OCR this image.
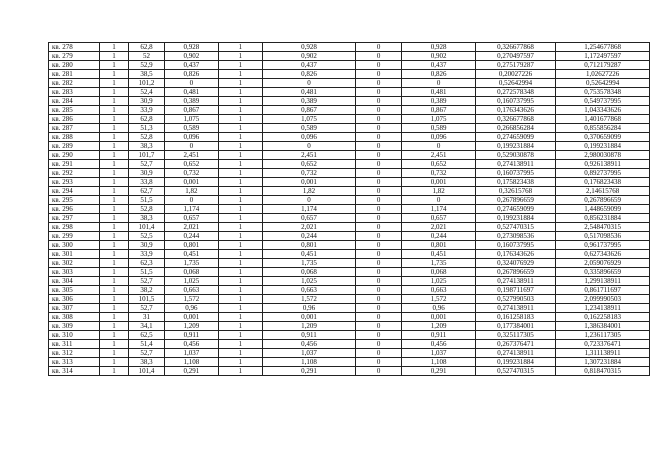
кв. 278	1	62,8	0,928	1	0,928	0	0,928	0,326677868	1,254677868
кв. 279	1	52	0,902	1	0,902	0	0,902	0,270497597	1,172497597
кв. 280	1	52,9	0,437	1	0,437	0	0,437	0,275179287	0,712179287
кв. 281	1	38,5	0,826	1	0,826	0	0,826	0,20027226	1,02627226
кв. 282	1	101,2	0	1	0	0	0	0,52642994	0,52642994
кв. 283	1	52,4	0,481	1	0,481	0	0,481	0,272578348	0,753578348
кв. 284	1	30,9	0,389	1	0,389	0	0,389	0,160737995	0,549737995
кв. 285	1	33,9	0,867	1	0,867	0	0,867	0,176343626	1,043343626
кв. 286	1	62,8	1,075	1	1,075	0	1,075	0,326677868	1,401677868
кв. 287	1	51,3	0,589	1	0,589	0	0,589	0,266856284	0,855856284
кв. 288	1	52,8	0,096	1	0,096	0	0,096	0,274659099	0,370659099
кв. 289	1	38,3	0	1	0	0	0	0,199231884	0,199231884
кв. 290	1	101,7	2,451	1	2,451	0	2,451	0,529030878	2,980030878
кв. 291	1	52,7	0,652	1	0,652	0	0,652	0,274138911	0,926138911
кв. 292	1	30,9	0,732	1	0,732	0	0,732	0,160737995	0,892737995
кв. 293	1	33,8	0,001	1	0,001	0	0,001	0,175823438	0,176823438
кв. 294	1	62,7	1,82	1	1,82	0	1,82	0,32615768	2,14615768
кв. 295	1	51,5	0	1	0	0	0	0,267896659	0,267896659
кв. 296	1	52,8	1,174	1	1,174	0	1,174	0,274659099	1,448659099
кв. 297	1	38,3	0,657	1	0,657	0	0,657	0,199231884	0,856231884
кв. 298	1	101,4	2,021	1	2,021	0	2,021	0,527470315	2,548470315
кв. 299	1	52,5	0,244	1	0,244	0	0,244	0,273098536	0,517098536
кв. 300	1	30,9	0,801	1	0,801	0	0,801	0,160737995	0,961737995
кв. 301	1	33,9	0,451	1	0,451	0	0,451	0,176343626	0,627343626
кв. 302	1	62,3	1,735	1	1,735	0	1,735	0,324076929	2,059076929
кв. 303	1	51,5	0,068	1	0,068	0	0,068	0,267896659	0,335896659
кв. 304	1	52,7	1,025	1	1,025	0	1,025	0,274138911	1,299138911
кв. 305	1	38,2	0,663	1	0,663	0	0,663	0,198711697	0,861711697
кв. 306	1	101,5	1,572	1	1,572	0	1,572	0,527990503	2,099990503
кв. 307	1	52,7	0,96	1	0,96	0	0,96	0,274138911	1,234138911
кв. 308	1	31	0,001	1	0,001	0	0,001	0,161258183	0,162258183
кв. 309	1	34,1	1,209	1	1,209	0	1,209	0,177384001	1,386384001
кв. 310	1	62,5	0,911	1	0,911	0	0,911	0,325117305	1,236117305
кв. 311	1	51,4	0,456	1	0,456	0	0,456	0,267376471	0,723376471
кв. 312	1	52,7	1,037	1	1,037	0	1,037	0,274138911	1,311138911
кв. 313	1	38,3	1,108	1	1,108	0	1,108	0,199231884	1,307231884
кв. 314	1	101,4	0,291	1	0,291	0	0,291	0,527470315	0,818470315
